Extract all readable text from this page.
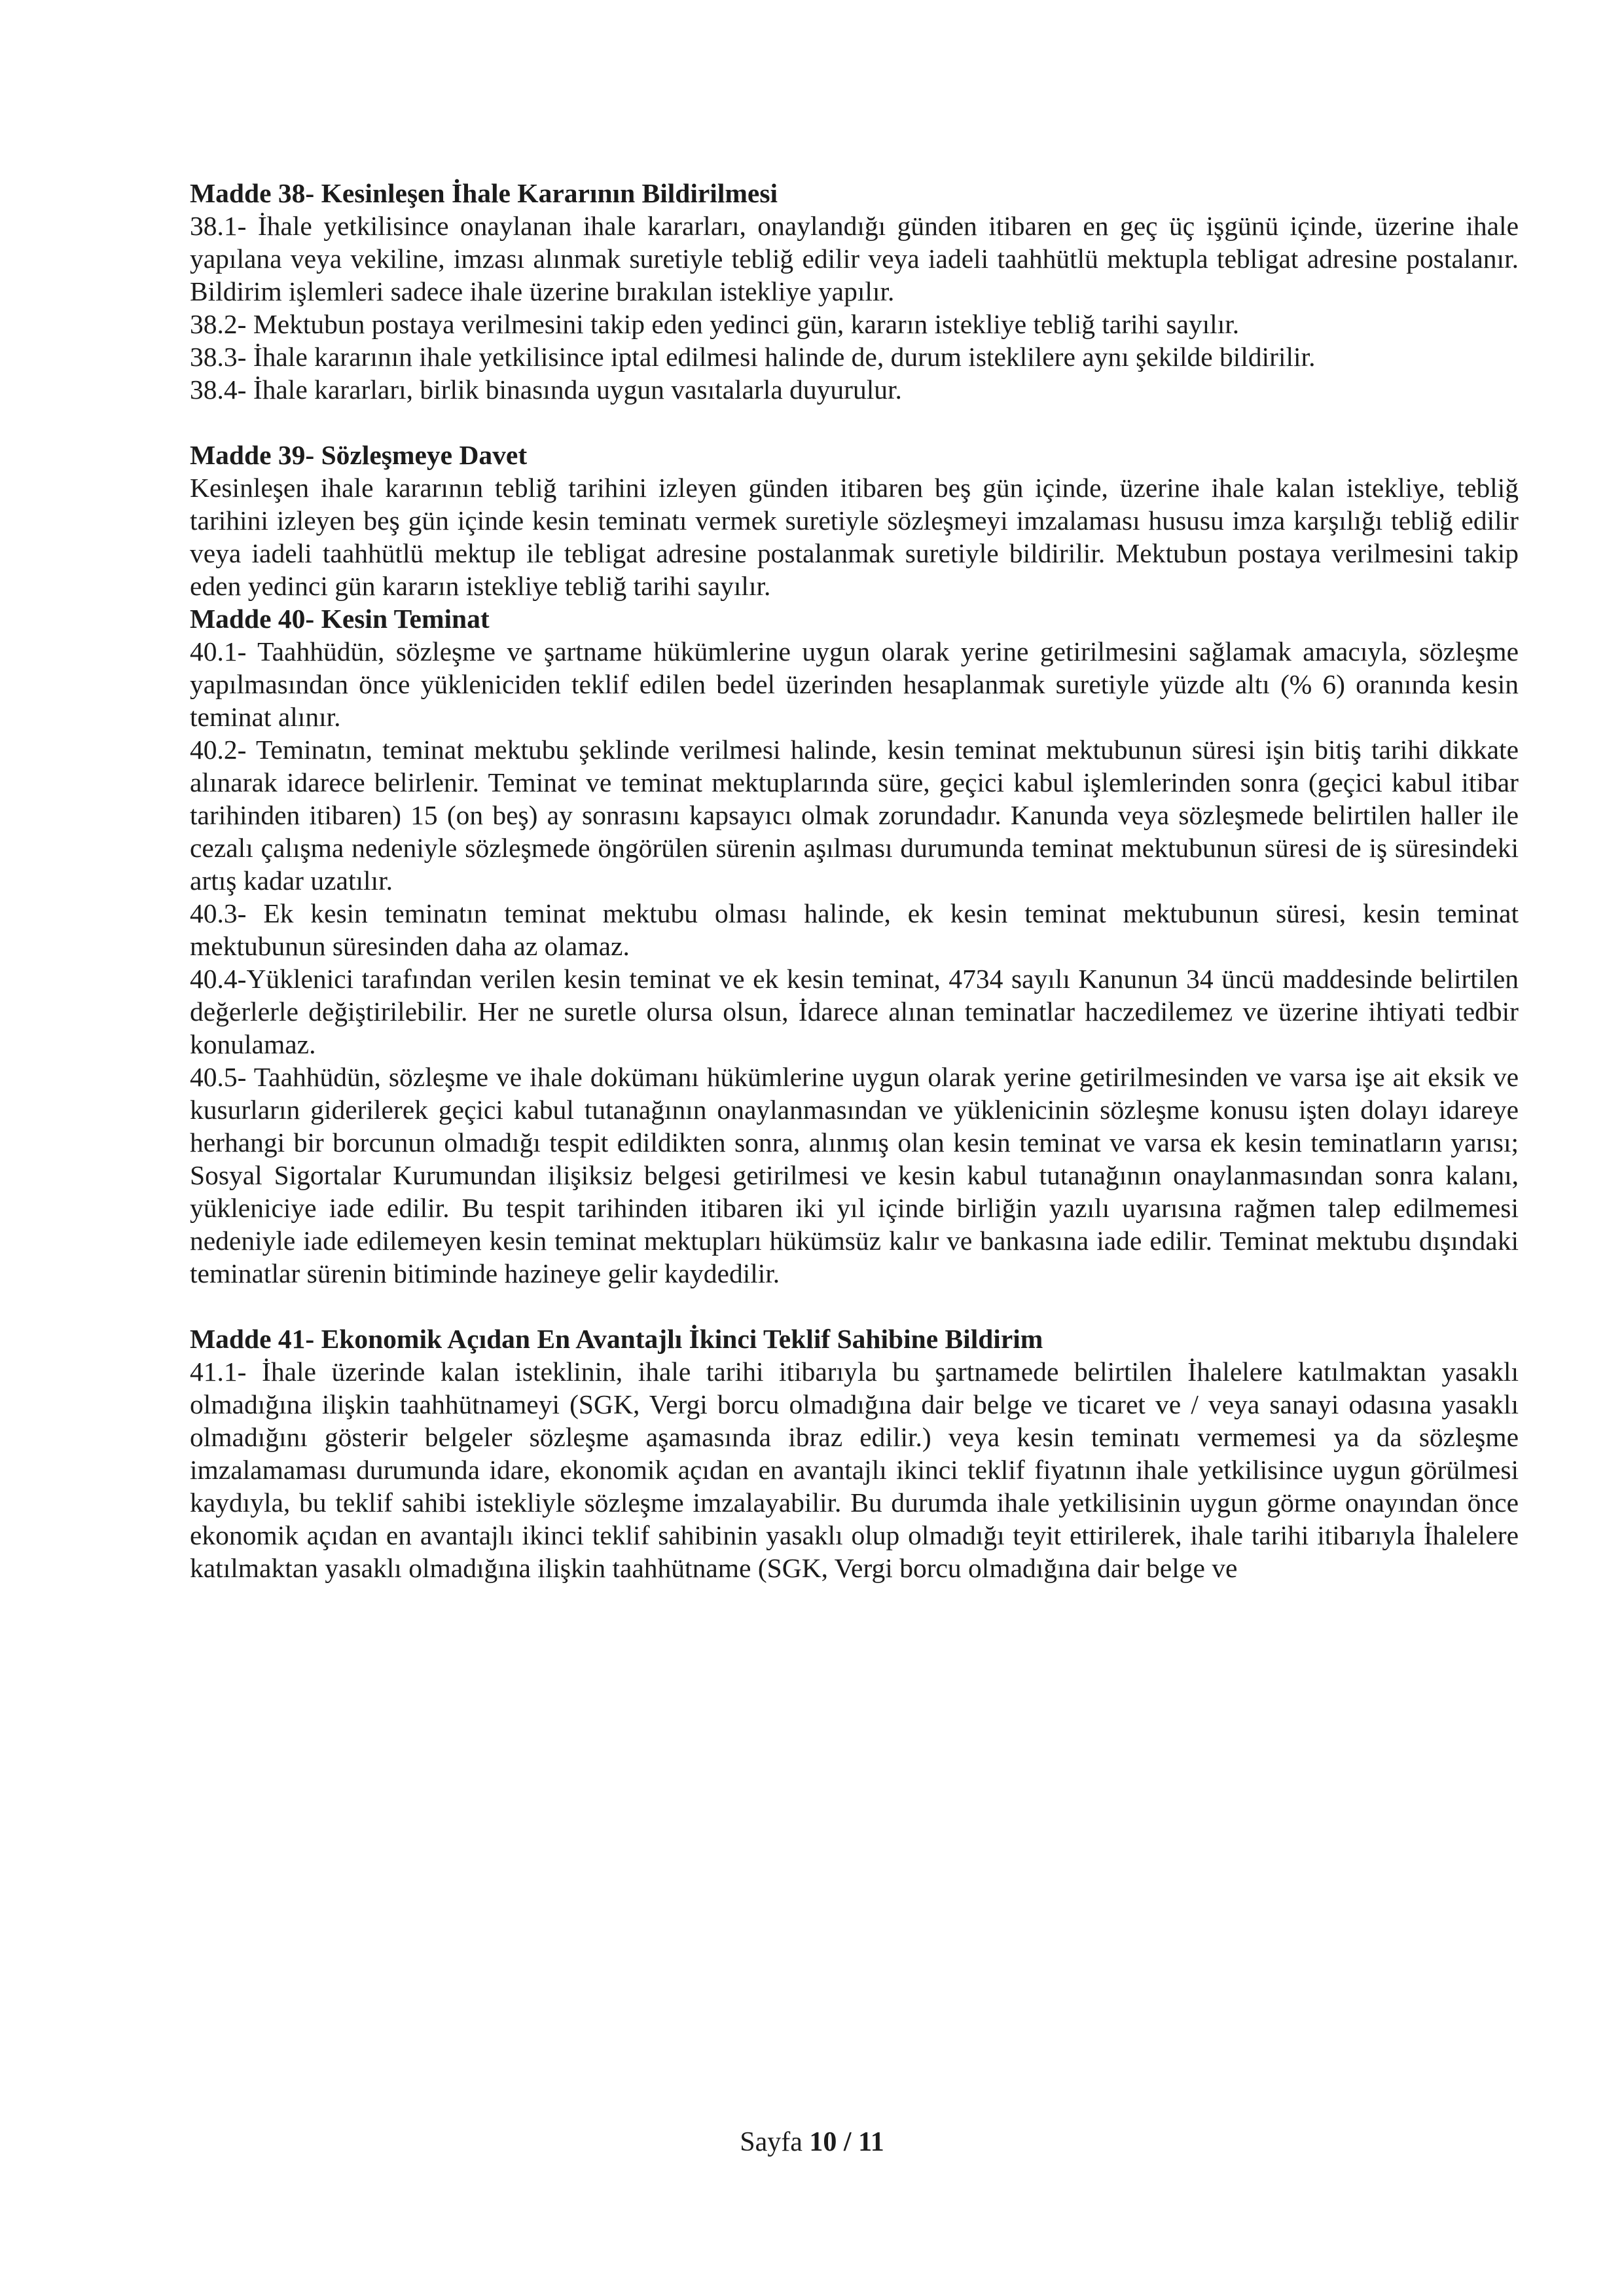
Madde 38- Kesinleşen İhale Kararının Bildirilmesi

38.1- İhale yetkilisince onaylanan ihale kararları, onaylandığı günden itibaren en geç üç işgünü içinde, üzerine ihale yapılana veya vekiline, imzası alınmak suretiyle tebliğ edilir veya iadeli taahhütlü mektupla tebligat adresine postalanır. Bildirim işlemleri sadece ihale üzerine bırakılan istekliye yapılır.

38.2- Mektubun postaya verilmesini takip eden yedinci gün, kararın istekliye tebliğ tarihi sayılır.

38.3- İhale kararının ihale yetkilisince iptal edilmesi halinde de, durum isteklilere aynı şekilde bildirilir.

38.4- İhale kararları, birlik binasında uygun vasıtalarla duyurulur.

Madde 39- Sözleşmeye Davet

Kesinleşen ihale kararının tebliğ tarihini izleyen günden itibaren beş gün içinde, üzerine ihale kalan istekliye, tebliğ tarihini izleyen beş gün içinde kesin teminatı vermek suretiyle sözleşmeyi imzalaması hususu imza karşılığı tebliğ edilir veya iadeli taahhütlü mektup ile tebligat adresine postalanmak suretiyle bildirilir. Mektubun postaya verilmesini takip eden yedinci gün kararın istekliye tebliğ tarihi sayılır.

Madde 40- Kesin Teminat

40.1- Taahhüdün, sözleşme ve şartname hükümlerine uygun olarak yerine getirilmesini sağlamak amacıyla, sözleşme yapılmasından önce yükleniciden teklif edilen bedel üzerinden hesaplanmak suretiyle yüzde altı (% 6) oranında kesin teminat alınır.

40.2- Teminatın, teminat mektubu şeklinde verilmesi halinde, kesin teminat mektubunun süresi işin bitiş tarihi dikkate alınarak idarece belirlenir. Teminat ve teminat mektuplarında süre, geçici kabul işlemlerinden sonra (geçici kabul itibar tarihinden itibaren) 15 (on beş) ay sonrasını kapsayıcı olmak zorundadır. Kanunda veya sözleşmede belirtilen haller ile cezalı çalışma nedeniyle sözleşmede öngörülen sürenin aşılması durumunda teminat mektubunun süresi de iş süresindeki artış kadar uzatılır.

40.3- Ek kesin teminatın teminat mektubu olması halinde, ek kesin teminat mektubunun süresi, kesin teminat mektubunun süresinden daha az olamaz.

40.4-Yüklenici tarafından verilen kesin teminat ve ek kesin teminat, 4734 sayılı Kanunun 34 üncü maddesinde belirtilen değerlerle değiştirilebilir. Her ne suretle olursa olsun, İdarece alınan teminatlar haczedilemez ve üzerine ihtiyati tedbir konulamaz.

40.5- Taahhüdün, sözleşme ve ihale dokümanı hükümlerine uygun olarak yerine getirilmesinden ve varsa işe ait eksik ve kusurların giderilerek geçici kabul tutanağının onaylanmasından ve yüklenicinin sözleşme konusu işten dolayı idareye herhangi bir borcunun olmadığı tespit edildikten sonra, alınmış olan kesin teminat ve varsa ek kesin teminatların yarısı; Sosyal Sigortalar Kurumundan ilişiksiz belgesi getirilmesi ve kesin kabul tutanağının onaylanmasından sonra kalanı, yükleniciye iade edilir. Bu tespit tarihinden itibaren iki yıl içinde birliğin yazılı uyarısına rağmen talep edilmemesi nedeniyle iade edilemeyen kesin teminat mektupları hükümsüz kalır ve bankasına iade edilir. Teminat mektubu dışındaki teminatlar sürenin bitiminde hazineye gelir kaydedilir.

Madde 41- Ekonomik Açıdan En Avantajlı İkinci Teklif Sahibine Bildirim

41.1- İhale üzerinde kalan isteklinin, ihale tarihi itibarıyla bu şartnamede belirtilen İhalelere katılmaktan yasaklı olmadığına ilişkin taahhütnameyi (SGK, Vergi borcu olmadığına dair belge ve ticaret ve / veya sanayi odasına yasaklı olmadığını gösterir belgeler sözleşme aşamasında ibraz edilir.) veya kesin teminatı vermemesi ya da sözleşme imzalamaması durumunda idare, ekonomik açıdan en avantajlı ikinci teklif fiyatının ihale yetkilisince uygun görülmesi kaydıyla, bu teklif sahibi istekliyle sözleşme imzalayabilir. Bu durumda ihale yetkilisinin uygun görme onayından önce ekonomik açıdan en avantajlı ikinci teklif sahibinin yasaklı olup olmadığı teyit ettirilerek, ihale tarihi itibarıyla İhalelere katılmaktan yasaklı olmadığına ilişkin taahhütname (SGK, Vergi borcu olmadığına dair belge ve

Sayfa 10 / 11
